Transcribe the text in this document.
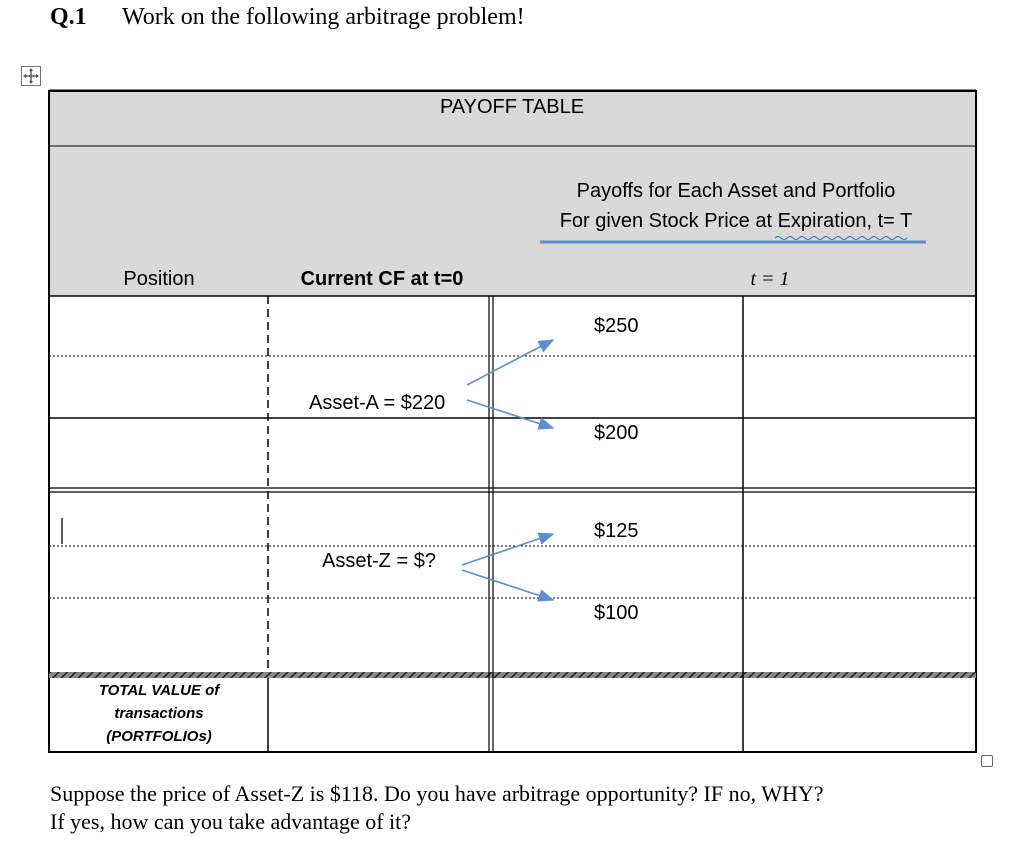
Q.1 Work on the following arbitrage problem!
PAYOFF TABLE
Payoffs for Each Asset and Portfolio
For given Stock Price at Expiration, t= T
Position	Current CF at t=0	t = 1
Asset-A = $220
Asset-Z = $?
$250
$200
$125
$100
TOTAL VALUE of
transactions
(PORTFOLIOs)
Suppose the price of Asset-Z is $118. Do you have arbitrage opportunity? IF no, WHY?
If yes, how can you take advantage of it?
